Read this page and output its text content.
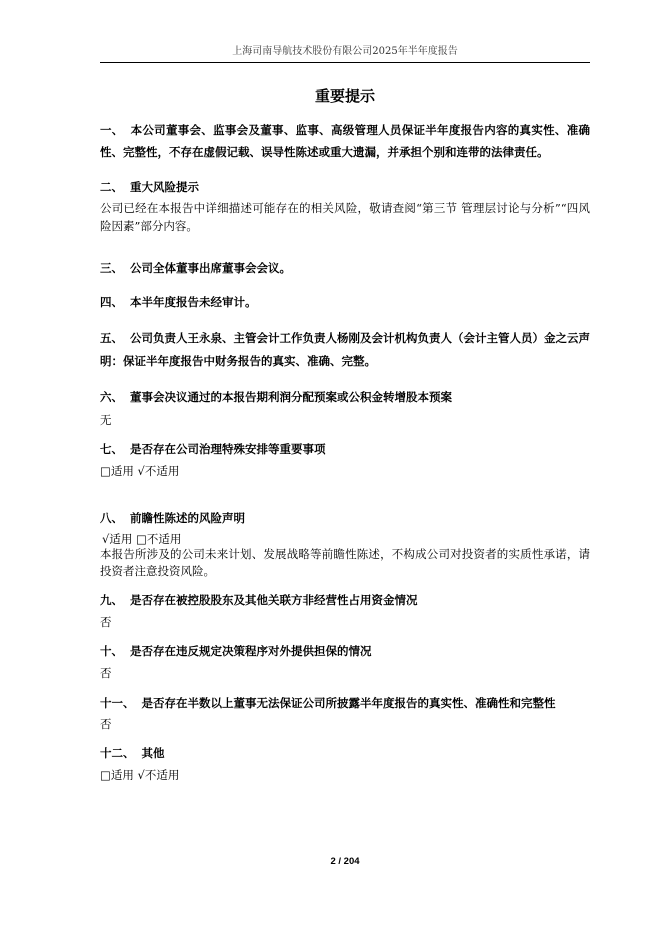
上海司南导航技术股份有限公司2025年半年度报告
重要提示
一、 本公司董事会、监事会及董事、监事、高级管理人员保证半年度报告内容的真实性、准确性、完整性，不存在虚假记载、误导性陈述或重大遗漏，并承担个别和连带的法律责任。
二、 重大风险提示
公司已经在本报告中详细描述可能存在的相关风险，敬请查阅“第三节 管理层讨论与分析”“四风险因素”部分内容。
三、 公司全体董事出席董事会会议。
四、 本半年度报告未经审计。
五、 公司负责人王永泉、主管会计工作负责人杨刚及会计机构负责人（会计主管人员）金之云声明：保证半年度报告中财务报告的真实、准确、完整。
六、 董事会决议通过的本报告期利润分配预案或公积金转增股本预案
无
七、 是否存在公司治理特殊安排等重要事项
□适用 √不适用
八、 前瞻性陈述的风险声明
√适用 □不适用
本报告所涉及的公司未来计划、发展战略等前瞻性陈述，不构成公司对投资者的实质性承诺，请投资者注意投资风险。
九、 是否存在被控股股东及其他关联方非经营性占用资金情况
否
十、 是否存在违反规定决策程序对外提供担保的情况
否
十一、 是否存在半数以上董事无法保证公司所披露半年度报告的真实性、准确性和完整性
否
十二、 其他
□适用 √不适用
2 / 204
